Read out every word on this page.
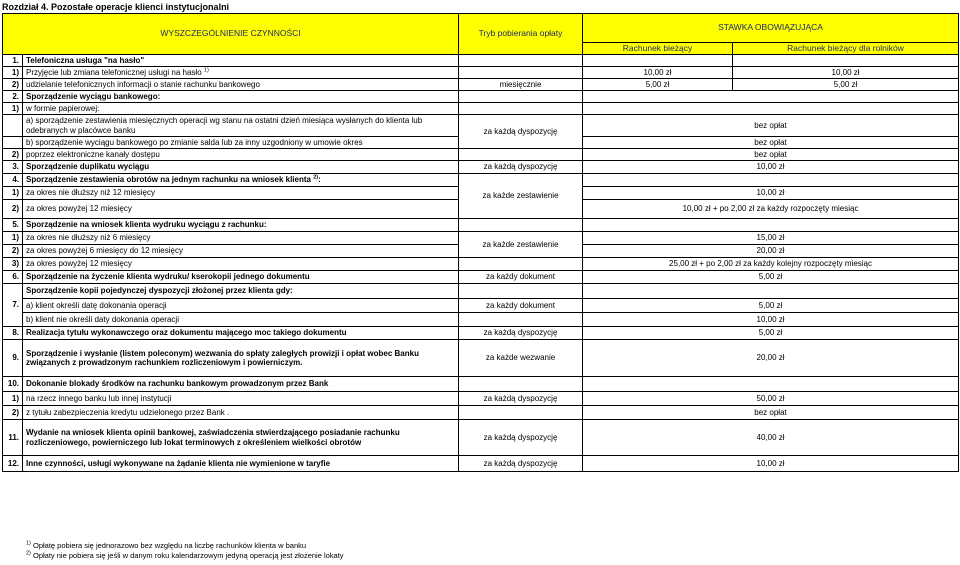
Rozdział 4. Pozostałe operacje klienci instytucjonalni
WYSZCZEGÓLNIENIE CZYNNOŚCI		Tryb pobierania opłaty	STAWKA OBOWIĄZUJĄCA	
			Rachunek bieżący	Rachunek bieżący dla rolników
1.	Telefoniczna usługa "na hasło"			
1)	Przyjęcie lub zmiana telefonicznej usługi na hasło $^{1)}$		10,00 zł	10,00 zł
2)	udzielanie telefonicznych informacji o stanie rachunku bankowego	miesięcznie	5,00 zł	5,00 zł
2.	Sporządzenie wyciągu bankowego:			
1)	w formie papierowej:			
	a) sporządzenie zestawienia miesięcznych operacji wg stanu na ostatni dzień miesiąca wysłanych do klienta lub odebranych w placówce banku	za każdą dyspozycję	bez opłat	
	b) sporządzenie wyciągu bankowego po zmianie salda lub za inny uzgodniony w umowie okres		bez opłat	
2)	poprzez elektroniczne kanały dostępu		bez opłat	
3.	Sporządzenie duplikatu wyciągu	za każdą dyspozycję	10,00 zł	
4.	Sporządzenie zestawienia obrotów na jednym rachunku na wniosek klienta $^{2)}$:	za każde zestawienie		
1)	za okres nie dłuższy niż 12 miesięcy		10,00 zł	
2)	za okres powyżej 12 miesięcy		10,00 zł + po 2,00 zł za każdy rozpoczęty miesiąc	
5.	Sporządzenie na wniosek klienta wydruku wyciągu z rachunku:			
1)	za okres nie dłuższy niż 6 miesięcy	za każde zestawienie	15,00 zł	
2)	za okres powyżej 6 miesięcy do 12 miesięcy		20,00 zł	
3)	za okres powyżej 12 miesięcy		25,00 zł + po 2,00 zł za każdy kolejny rozpoczęty miesiąc	
6.	Sporządzenie na życzenie klienta wydruku/ kserokopii jednego dokumentu	za każdy dokument	5,00 zł	
7.	Sporządzenie kopii pojedynczej dyspozycji złożonej przez klienta gdy:			
	a) klient określi datę dokonania operacji	za każdy dokument	5,00 zł	
	b) klient nie określi daty dokonania operacji		10,00 zł	
8.	Realizacja tytułu wykonawczego oraz dokumentu mającego moc takiego dokumentu	za każdą dyspozycję	5,00 zł	
9.	Sporządzenie i wysłanie (listem poleconym) wezwania do spłaty zaległych prowizji i opłat wobec Banku związanych z prowadzonym rachunkiem rozliczeniowym i powierniczym.	za każde wezwanie	20,00 zł	
10.	Dokonanie blokady środków na rachunku bankowym prowadzonym przez Bank			
1)	na rzecz innego banku lub innej instytucji	za każdą dyspozycję	50,00 zł	
2)	z tytułu zabezpieczenia kredytu udzielonego przez Bank .		bez opłat	
11.	Wydanie na wniosek klienta opinii bankowej, zaświadczenia stwierdzającego posiadanie rachunku rozliczeniowego, powierniczego lub lokat terminowych z określeniem wielkości obrotów	za każdą dyspozycję	40,00 zł	
12.	Inne czynności, usługi wykonywane na żądanie klienta nie wymienione w taryfie	za każdą dyspozycję	10,00 zł	
$^{1)}$ Opłatę pobiera się jednorazowo bez względu na liczbę rachunków klienta w banku
$^{2)}$ Opłaty nie pobiera się jeśli w danym roku kalendarzowym jedyną operacją jest złożenie lokaty
